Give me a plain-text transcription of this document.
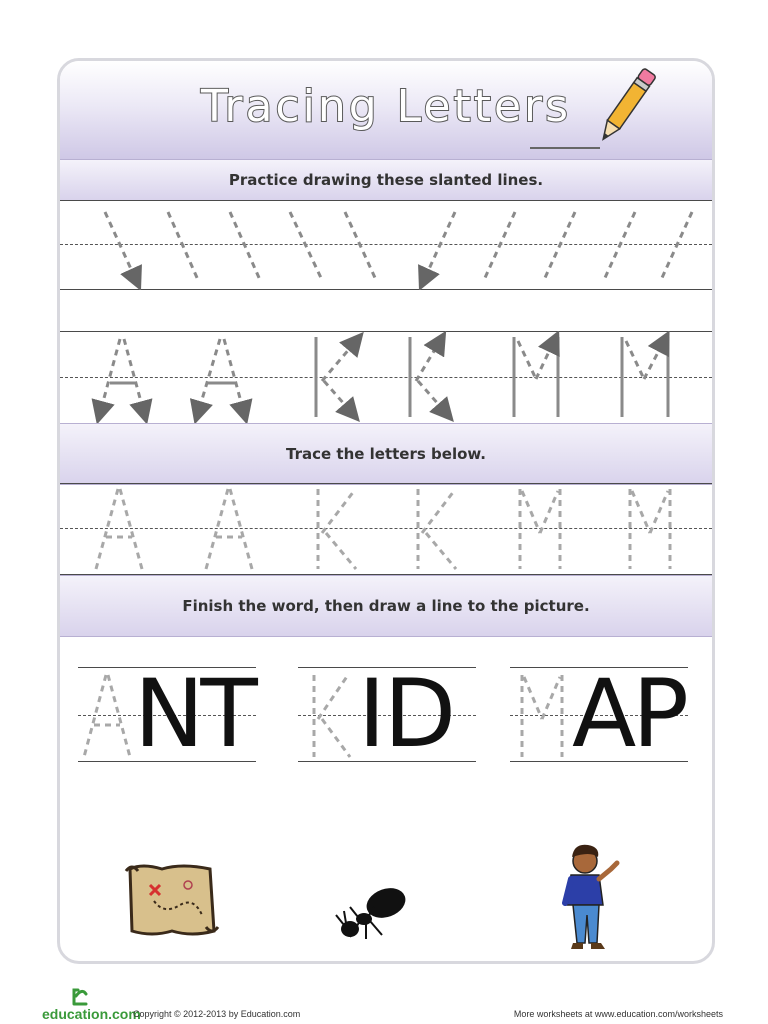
Tracing Letters
Practice drawing these slanted lines.
Trace the letters below.
Finish the word, then draw a line to the picture.
NT ID AP
education.com
Copyright © 2012-2013 by Education.com	More worksheets at www.education.com/worksheets
